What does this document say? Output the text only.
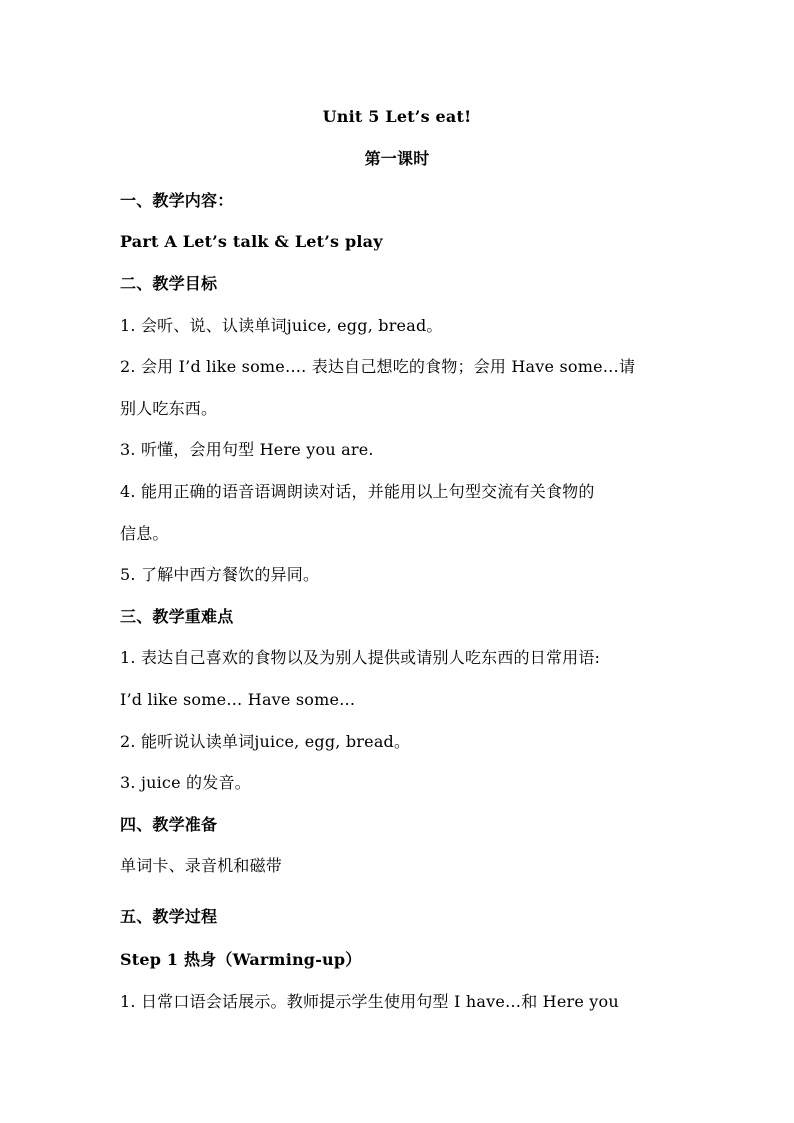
Unit 5 Let’s eat!
第一课时
一、教学内容：
Part A Let’s talk & Let’s play
二、教学目标
1. 会听、说、认读单词juice, egg, bread。
2. 会用 I’d like some…. 表达自己想吃的食物；会用 Have some…请
别人吃东西。
3. 听懂，会用句型 Here you are.
4. 能用正确的语音语调朗读对话，并能用以上句型交流有关食物的
信息。
5. 了解中西方餐饮的异同。
三、教学重难点
1. 表达自己喜欢的食物以及为别人提供或请别人吃东西的日常用语:
I’d like some… Have some…
2. 能听说认读单词juice, egg, bread。
3. juice 的发音。
四、教学准备
单词卡、录音机和磁带
五、教学过程
Step 1 热身（Warming-up）
1. 日常口语会话展示。教师提示学生使用句型 I have…和 Here you
